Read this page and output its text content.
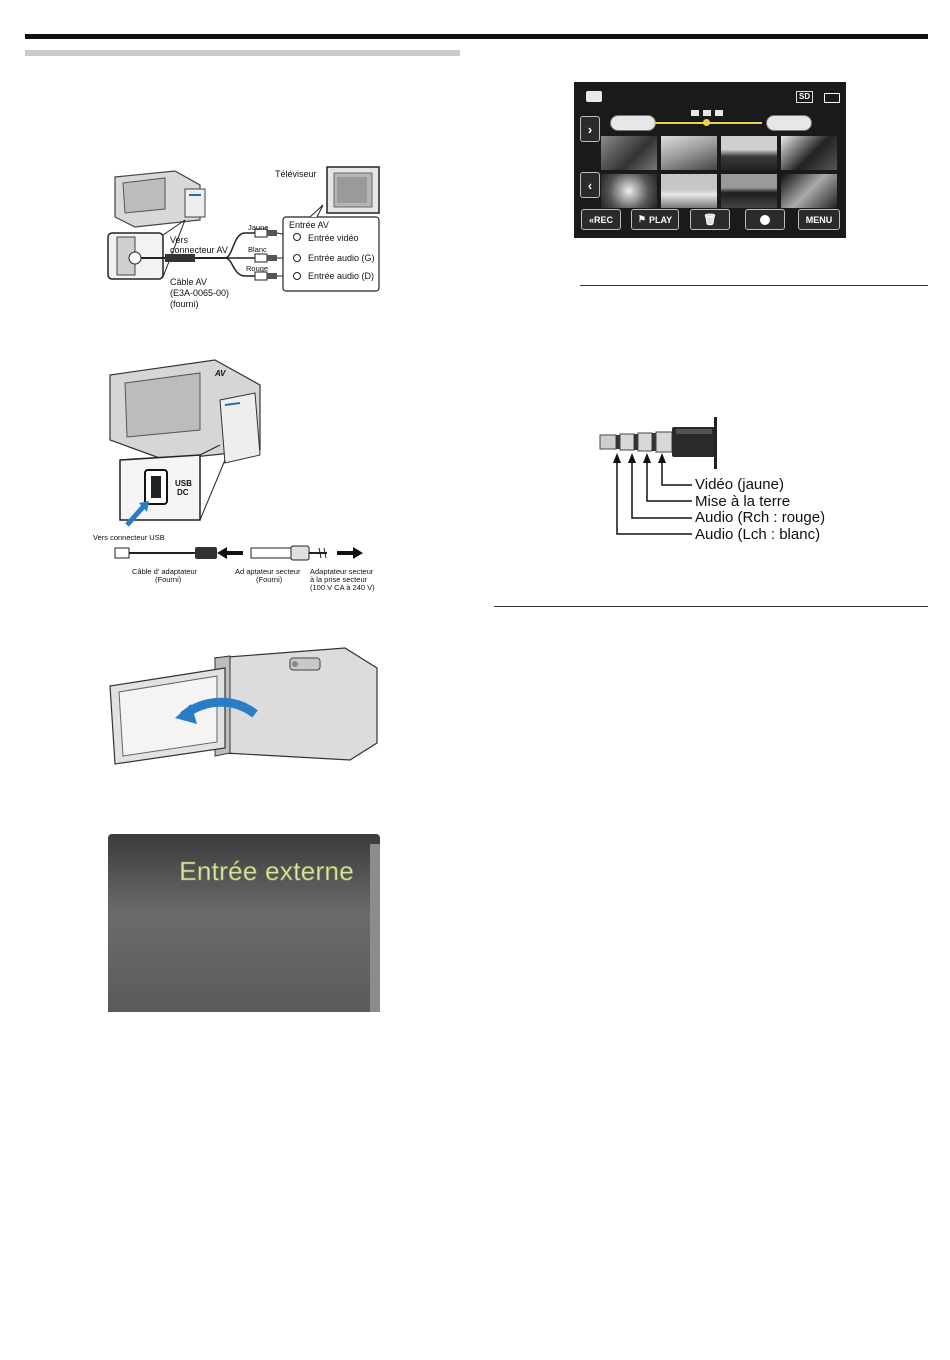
Téléviseur
Entrée AV
Entrée vidéo
Entrée audio (G)
Entrée audio (D)
Jaune
Blanc
Rouge
Vers
connecteur AV
Câble AV
(E3A-0065-00)
(fourni)
AV
USB
DC
Vers connecteur USB
Câble d' adaptateur
(Fourni)
Ad aptateur secteur
(Fourni)
Adaptateur secteur
à la prise secteur
(100 V CA à 240 V)
Entrée externe
SD
›
‹
«REC	⚑ PLAY	🗑	MENU
Vidéo (jaune)
Mise à la terre
Audio (Rch : rouge)
Audio (Lch : blanc)
